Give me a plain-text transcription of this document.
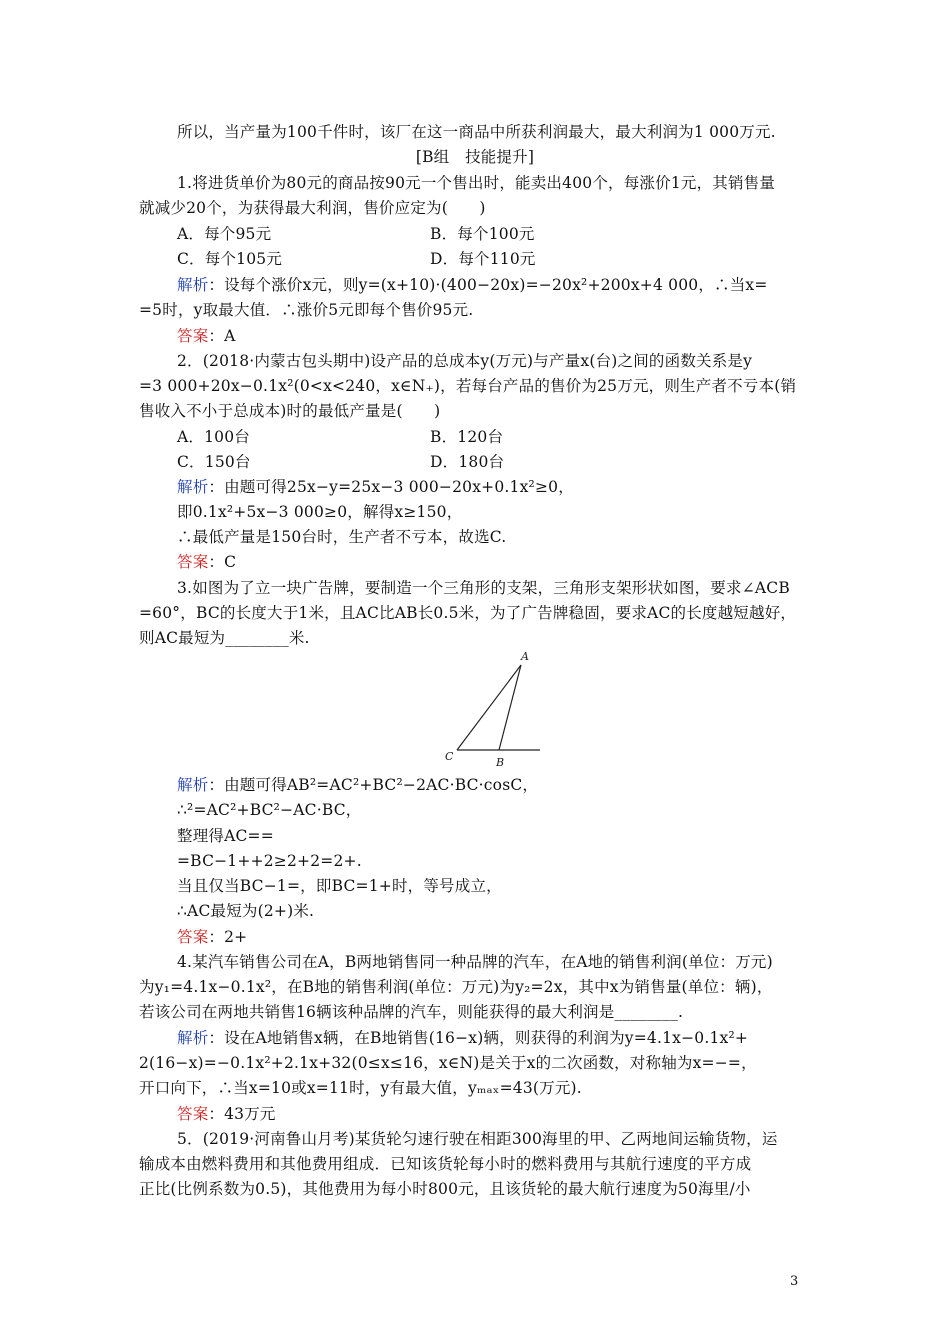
所以，当产量为100千件时，该厂在这一商品中所获利润最大，最大利润为1 000万元.
[B组　技能提升]
1.将进货单价为80元的商品按90元一个售出时，能卖出400个，每涨价1元，其销售量
就减少20个，为获得最大利润，售价应定为(　　)
A．每个95元	B．每个100元
C．每个105元	D．每个110元
解析：设每个涨价x元，则y=(x+10)·(400−20x)=−20x²+200x+4 000，∴当x=
=5时，y取最大值．∴涨价5元即每个售价95元.
答案：A
2．(2018·内蒙古包头期中)设产品的总成本y(万元)与产量x(台)之间的函数关系是y
=3 000+20x−0.1x²(0<x<240，x∈N₊)，若每台产品的售价为25万元，则生产者不亏本(销
售收入不小于总成本)时的最低产量是(　　)
A．100台	B．120台
C．150台	D．180台
解析：由题可得25x−y=25x−3 000−20x+0.1x²≥0，
即0.1x²+5x−3 000≥0，解得x≥150，
∴最低产量是150台时，生产者不亏本，故选C.
答案：C
3.如图为了立一块广告牌，要制造一个三角形的支架，三角形支架形状如图，要求∠ACB
=60°，BC的长度大于1米，且AC比AB长0.5米，为了广告牌稳固，要求AC的长度越短越好，
则AC最短为________米.
解析：由题可得AB²=AC²+BC²−2AC·BC·cosC，
∴²=AC²+BC²−AC·BC，
整理得AC==
=BC−1++2≥2+2=2+.
当且仅当BC−1=，即BC=1+时，等号成立，
∴AC最短为(2+)米.
答案：2+
4.某汽车销售公司在A，B两地销售同一种品牌的汽车，在A地的销售利润(单位：万元)
为y₁=4.1x−0.1x²，在B地的销售利润(单位：万元)为y₂=2x，其中x为销售量(单位：辆)，
若该公司在两地共销售16辆该种品牌的汽车，则能获得的最大利润是________.
解析：设在A地销售x辆，在B地销售(16−x)辆，则获得的利润为y=4.1x−0.1x²+
2(16−x)=−0.1x²+2.1x+32(0≤x≤16，x∈N)是关于x的二次函数，对称轴为x=−=，
开口向下，∴当x=10或x=11时，y有最大值，yₘₐₓ=43(万元).
答案：43万元
5．(2019·河南鲁山月考)某货轮匀速行驶在相距300海里的甲、乙两地间运输货物，运
输成本由燃料费用和其他费用组成．已知该货轮每小时的燃料费用与其航行速度的平方成
正比(比例系数为0.5)，其他费用为每小时800元，且该货轮的最大航行速度为50海里/小
A
C	B
3
